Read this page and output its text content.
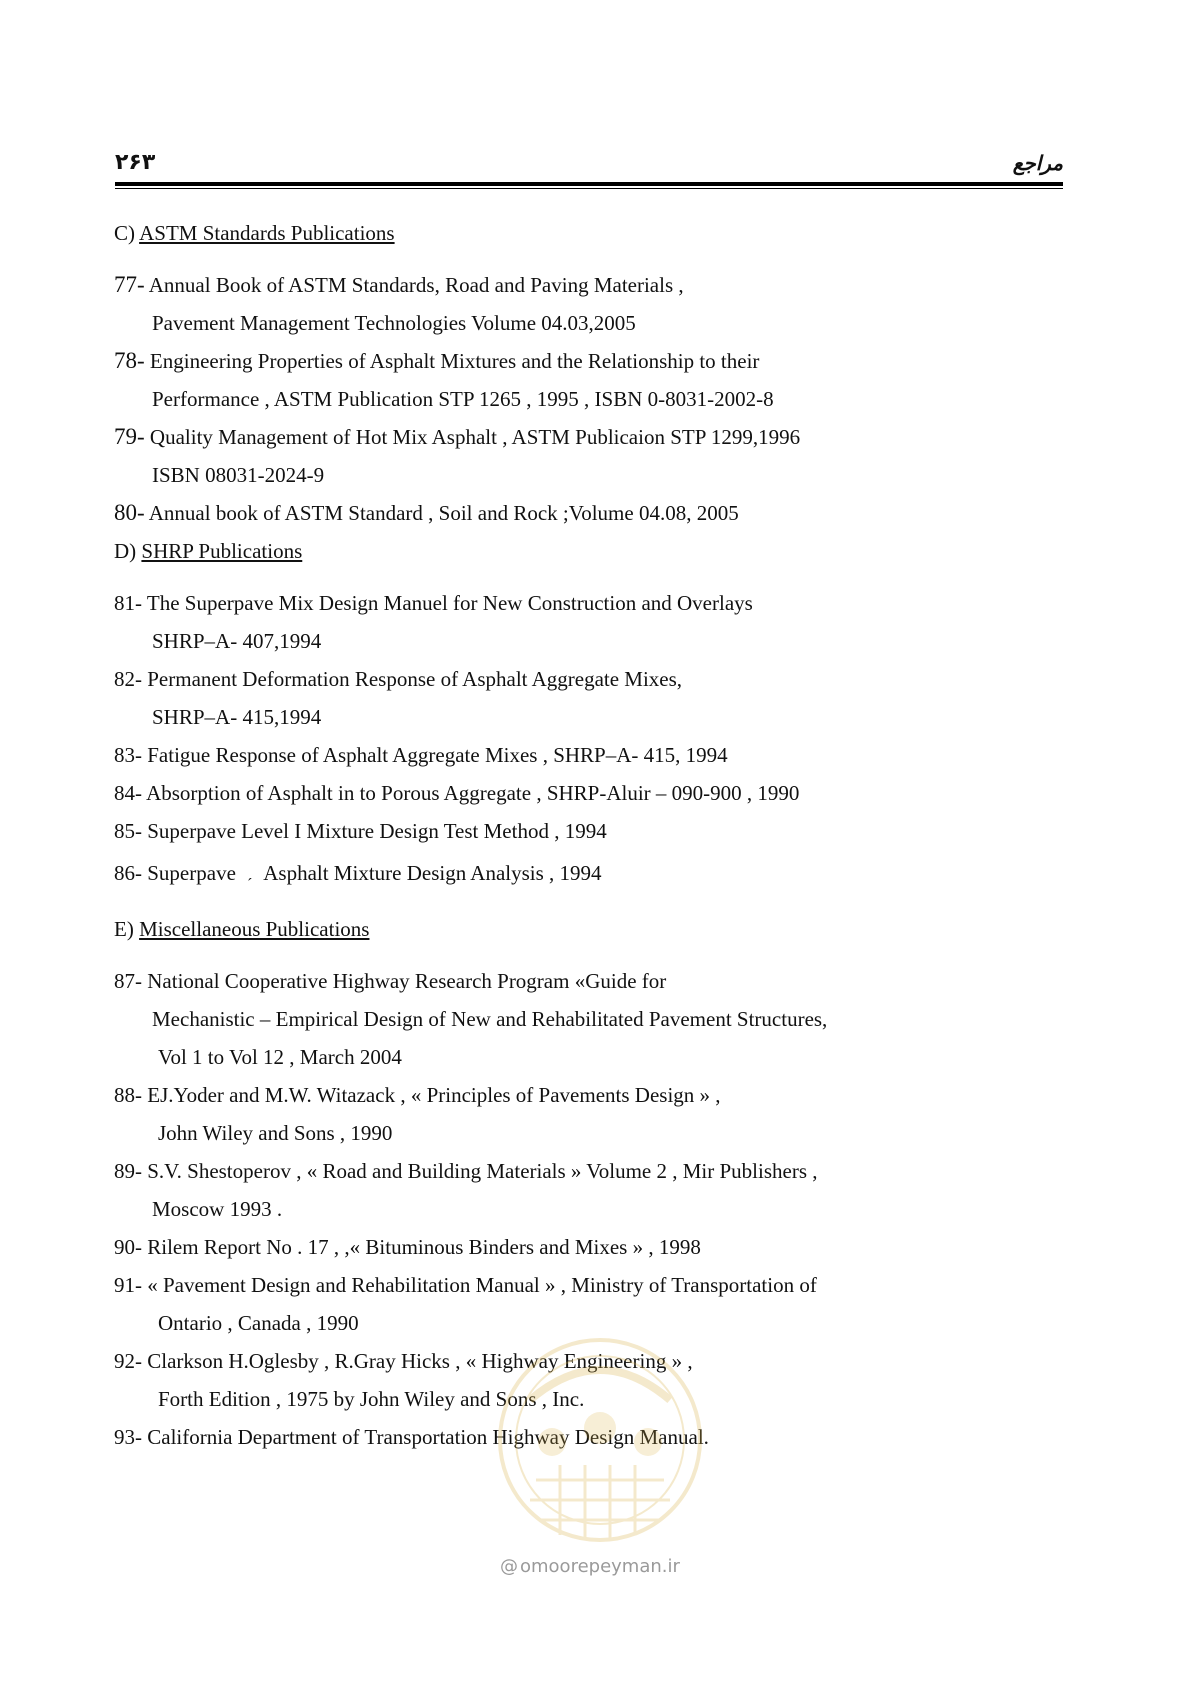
۲۶۳	مراجع
C) ASTM Standards Publications
77- Annual Book of ASTM Standards, Road and Paving Materials ,
Pavement Management Technologies Volume 04.03,2005
78- Engineering Properties of Asphalt Mixtures and the Relationship to their
Performance , ASTM Publication STP 1265 , 1995 , ISBN 0-8031-2002-8
79- Quality Management of Hot Mix Asphalt , ASTM Publicaion STP 1299,1996
ISBN 08031-2024-9
80- Annual book of ASTM Standard , Soil and Rock ;Volume 04.08, 2005
D) SHRP Publications
81- The Superpave Mix Design Manuel for New Construction and Overlays
SHRP–A- 407,1994
82- Permanent Deformation Response of Asphalt Aggregate Mixes,
SHRP–A- 415,1994
83- Fatigue Response of Asphalt Aggregate Mixes , SHRP–A- 415, 1994
84- Absorption of Asphalt in to Porous Aggregate , SHRP-Aluir – 090-900 , 1990
85- Superpave Level I Mixture Design Test Method , 1994
86- Superpave ´ Asphalt Mixture Design Analysis , 1994
E) Miscellaneous Publications
87- National Cooperative Highway Research Program «Guide for
Mechanistic – Empirical Design of New and Rehabilitated Pavement Structures,
Vol 1 to Vol 12 , March 2004
88- EJ.Yoder and M.W. Witazack , « Principles of Pavements Design » ,
John Wiley and Sons , 1990
89- S.V. Shestoperov , « Road and Building Materials » Volume 2 , Mir Publishers ,
Moscow 1993 .
90- Rilem Report No . 17 , ,« Bituminous Binders and Mixes » , 1998
91- « Pavement Design and Rehabilitation Manual » , Ministry of Transportation of
Ontario , Canada , 1990
92- Clarkson H.Oglesby , R.Gray Hicks , « Highway Engineering » ,
Forth Edition , 1975 by John Wiley and Sons , Inc.
93- California Department of Transportation Highway Design Manual.
@ omoorepeyman.ir
